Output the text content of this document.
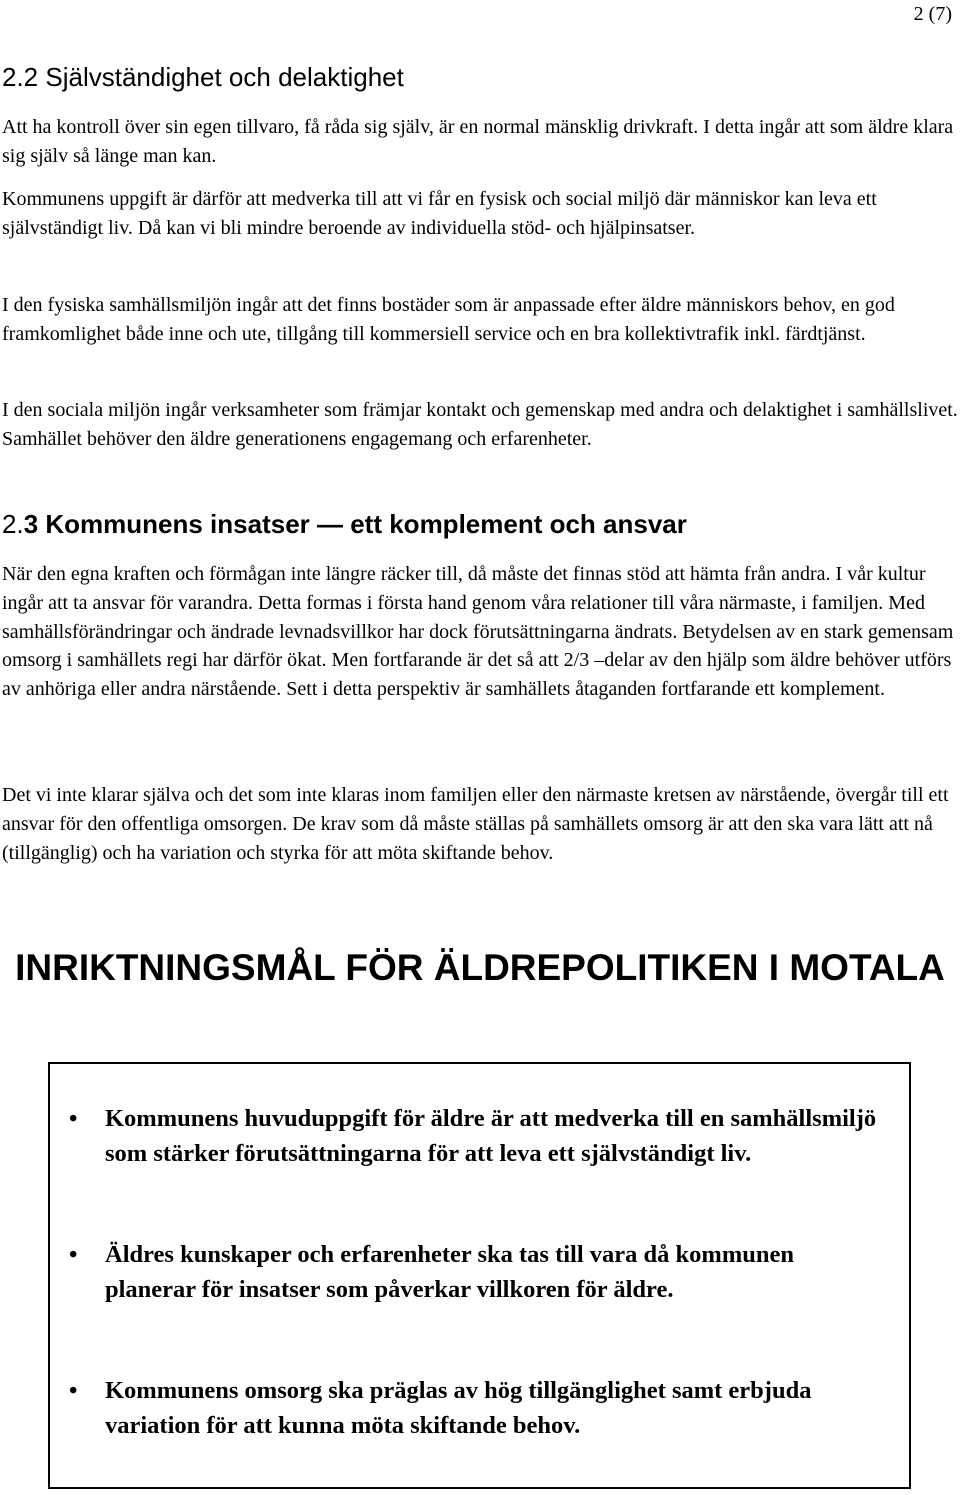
2 (7)
2.2 Självständighet och delaktighet

Att ha kontroll över sin egen tillvaro, få råda sig själv, är en normal mänsklig drivkraft. I detta ingår att som äldre klara sig själv så länge man kan.

Kommunens uppgift är därför att medverka till att vi får en fysisk och social miljö där människor kan leva ett självständigt liv. Då kan vi bli mindre beroende av individuella stöd- och hjälpinsatser.

I den fysiska samhällsmiljön ingår att det finns bostäder som är anpassade efter äldre människors behov, en god framkomlighet både inne och ute, tillgång till kommersiell service och en bra kollektivtrafik inkl. färdtjänst.

I den sociala miljön ingår verksamheter som främjar kontakt och gemenskap med andra och delaktighet i samhällslivet. Samhället behöver den äldre generationens engagemang och erfarenheter.

2.3 Kommunens insatser — ett komplement och ansvar

När den egna kraften och förmågan inte längre räcker till, då måste det finnas stöd att hämta från andra. I vår kultur ingår att ta ansvar för varandra. Detta formas i första hand genom våra relationer till våra närmaste, i familjen. Med samhällsförändringar och ändrade levnadsvillkor har dock förutsättningarna ändrats. Betydelsen av en stark gemensam omsorg i samhällets regi har därför ökat. Men fortfarande är det så att 2/3 –delar av den hjälp som äldre behöver utförs av anhöriga eller andra närstående. Sett i detta perspektiv är samhällets åtaganden fortfarande ett komplement.

Det vi inte klarar själva och det som inte klaras inom familjen eller den närmaste kretsen av närstående, övergår till ett ansvar för den offentliga omsorgen. De krav som då måste ställas på samhällets omsorg är att den ska vara lätt att nå (tillgänglig) och ha variation och styrka för att möta skiftande behov.

INRIKTNINGSMÅL FÖR ÄLDREPOLITIKEN I MOTALA
• Kommunens huvuduppgift för äldre är att medverka till en samhällsmiljö som stärker förutsättningarna för att leva ett självständigt liv.
• Äldres kunskaper och erfarenheter ska tas till vara då kommunen planerar för insatser som påverkar villkoren för äldre.
• Kommunens omsorg ska präglas av hög tillgänglighet samt erbjuda variation för att kunna möta skiftande behov.
